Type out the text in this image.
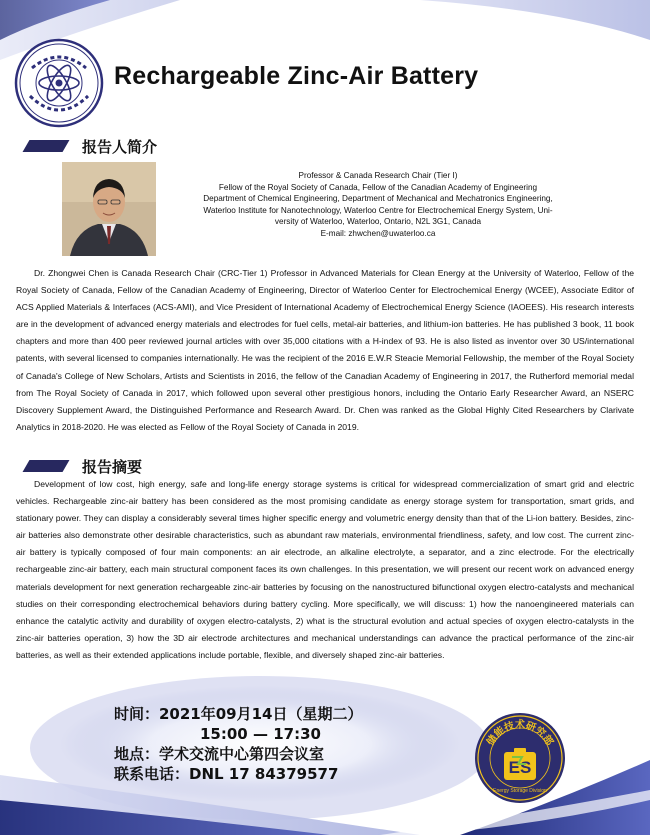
Rechargeable Zinc-Air Battery
报告人简介
Professor & Canada Research Chair (Tier I)
Fellow of the Royal Society of Canada, Fellow of the Canadian Academy of Engineering
Department of Chemical Engineering, Department of Mechanical and Mechatronics Engineering,
Waterloo Institute for Nanotechnology, Waterloo Centre for Electrochemical Energy System, Uni-
versity of Waterloo, Waterloo, Ontario, N2L 3G1, Canada
E-mail: zhwchen@uwaterloo.ca

Dr. Zhongwei Chen is Canada Research Chair (CRC-Tier 1) Professor in Advanced Materials for Clean Energy at the University of Waterloo, Fellow of the Royal Society of Canada, Fellow of the Canadian Academy of Engineering, Director of Waterloo Center for Electrochemical Energy (WCEE), Associate Editor of ACS Applied Materials & Interfaces (ACS-AMI), and Vice President of International Academy of Electrochemical Energy Science (IAOEES). His research interests are in the development of advanced energy materials and electrodes for fuel cells, metal-air batteries, and lithium-ion batteries. He has published 3 book, 11 book chapters and more than 400 peer reviewed journal articles with over 35,000 citations with a H-index of 93. He is also listed as inventor over 30 US/international patents, with several licensed to companies internationally. He was the recipient of the 2016 E.W.R Steacie Memorial Fellowship, the member of the Royal Society of Canada's College of New Scholars, Artists and Scientists in 2016, the fellow of the Canadian Academy of Engineering in 2017, the Rutherford memorial medal from The Royal Society of Canada in 2017, which followed upon several other prestigious honors, including the Ontario Early Researcher Award, an NSERC Discovery Supplement Award, the Distinguished Performance and Research Award. Dr. Chen was ranked as the Global Highly Cited Researchers by Clarivate Analytics in 2018-2020. He was elected as Fellow of the Royal Society of Canada in 2019.

报告摘要

Development of low cost, high energy, safe and long-life energy storage systems is critical for widespread commercialization of smart grid and electric vehicles. Rechargeable zinc-air battery has been considered as the most promising candidate as energy storage system for transportation, smart grids, and stationary power. They can display a considerably several times higher specific energy and volumetric energy density than that of the Li-ion battery. Besides, zinc-air batteries also demonstrate other desirable characteristics, such as abundant raw materials, environmental friendliness, safety, and low cost. The current zinc-air battery is typically composed of four main components: an air electrode, an alkaline electrolyte, a separator, and a zinc electrode. For the electrically rechargeable zinc-air battery, each main structural component faces its own challenges. In this presentation, we will present our recent work on advanced energy materials development for next generation rechargeable zinc-air batteries by focusing on the nanostructured bifunctional oxygen electro-catalysts and mechanical studies on their corresponding electrochemical behaviors during battery cycling. More specifically, we will discuss: 1) how the nanoengineered materials can enhance the catalytic activity and durability of oxygen electro-catalysts, 2) what is the structural evolution and actual species of oxygen electro-catalysts in the zinc-air batteries operation, 3) how the 3D air electrode architectures and mechanical understandings can advance the practical performance of the zinc-air batteries, as well as their extended applications include portable, flexible, and diversely shaped zinc-air batteries.

时间：2021年09月14日（星期二）
15:00 — 17:30
地点：学术交流中心第四会议室
联系电话：DNL 17 84379577
储能技术研究部
ES
Energy Storage Division
